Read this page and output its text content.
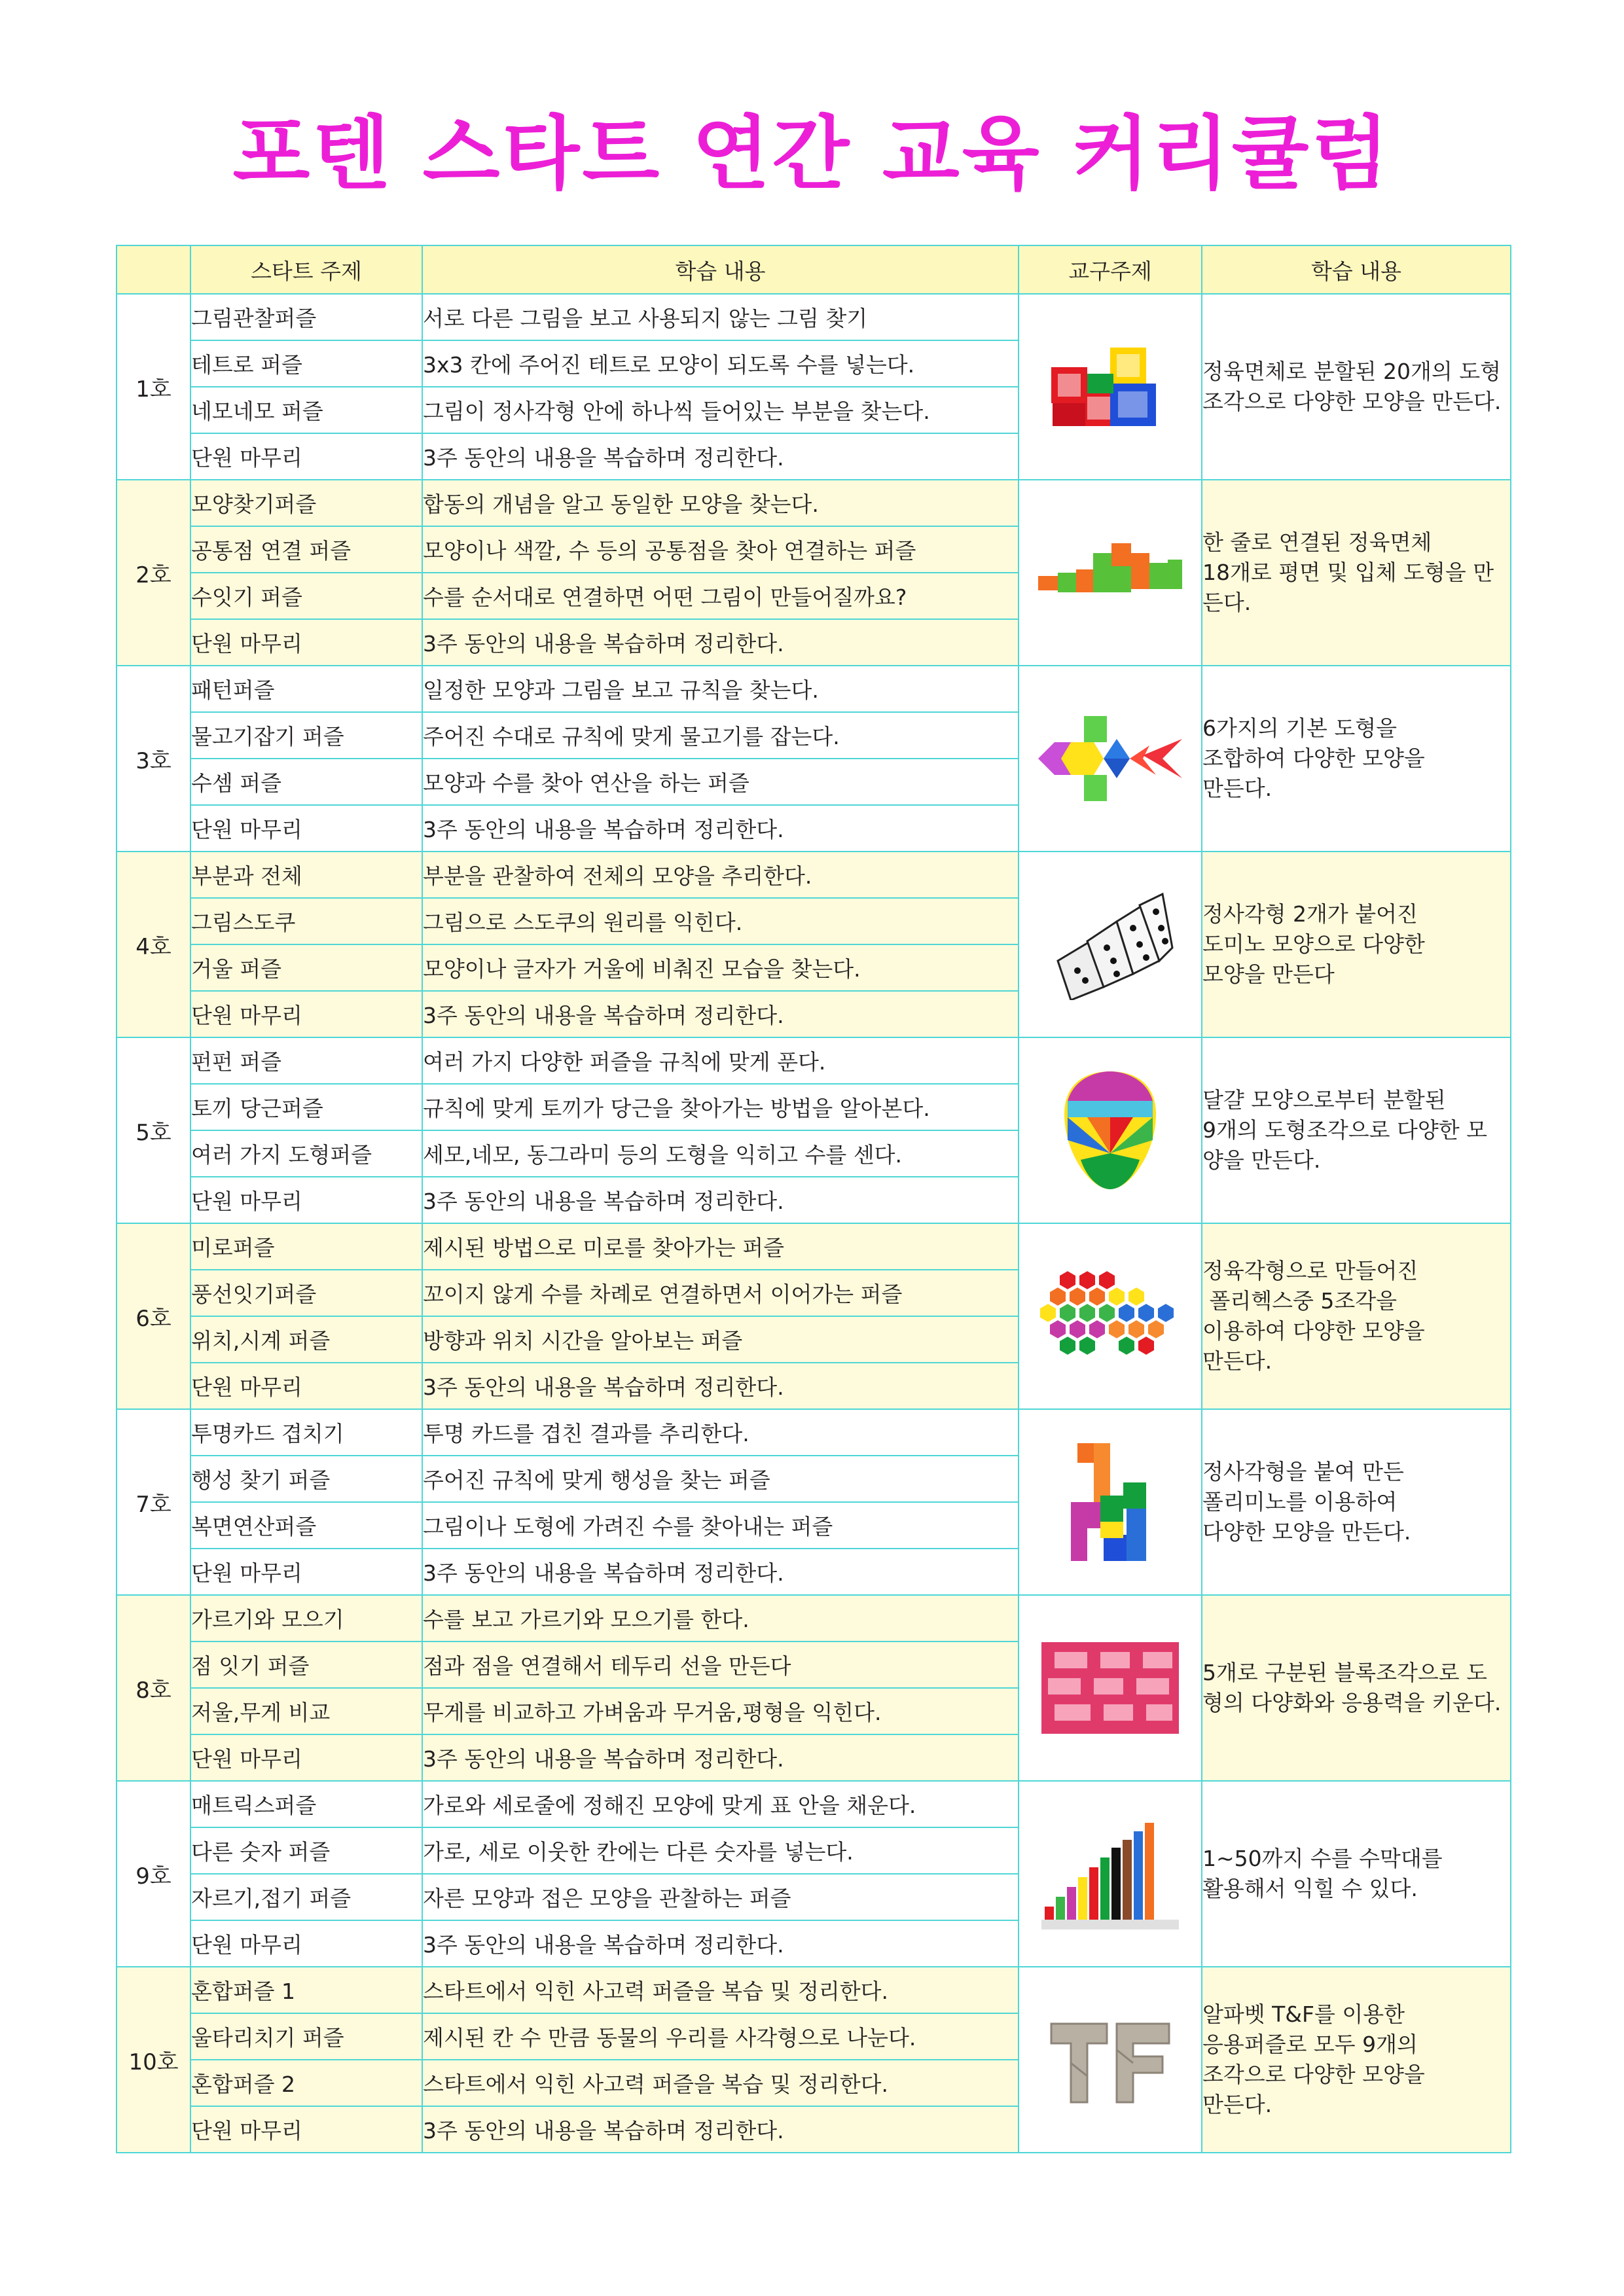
포텐 스타트 연간 교육 커리큘럼
	스타트 주제	학습 내용	교구주제	학습 내용
1호	그림관찰퍼즐	서로 다른 그림을 보고 사용되지 않는 그림 찾기		정육면체로 분할된 20개의 도형
조각으로 다양한 모양을 만든다.

	테트로 퍼즐	3x3 칸에 주어진 테트로 모양이 되도록 수를 넣는다.		
	네모네모 퍼즐	그림이 정사각형 안에 하나씩 들어있는 부분을 찾는다.		
	단원 마무리	3주 동안의 내용을 복습하며 정리한다.		
2호	모양찾기퍼즐	합동의 개념을 알고 동일한 모양을 찾는다.		한 줄로 연결된 정육면체
18개로 평면 및 입체 도형을 만
든다.

	공통점 연결 퍼즐	모양이나 색깔, 수 등의 공통점을 찾아 연결하는 퍼즐		
	수잇기 퍼즐	수를 순서대로 연결하면 어떤 그림이 만들어질까요?		
	단원 마무리	3주 동안의 내용을 복습하며 정리한다.		
3호	패턴퍼즐	일정한 모양과 그림을 보고 규칙을 찾는다.		6가지의 기본 도형을
조합하여 다양한 모양을
만든다.

	물고기잡기 퍼즐	주어진 수대로 규칙에 맞게 물고기를 잡는다.		
	수셈 퍼즐	모양과 수를 찾아 연산을 하는 퍼즐		
	단원 마무리	3주 동안의 내용을 복습하며 정리한다.		
4호	부분과 전체	부분을 관찰하여 전체의 모양을 추리한다.		정사각형 2개가 붙어진
도미노 모양으로 다양한
모양을 만든다

	그림스도쿠	그림으로 스도쿠의 원리를 익힌다.		
	거울 퍼즐	모양이나 글자가 거울에 비춰진 모습을 찾는다.		
	단원 마무리	3주 동안의 내용을 복습하며 정리한다.		
5호	펀펀 퍼즐	여러 가지 다양한 퍼즐을 규칙에 맞게 푼다.		달걀 모양으로부터 분할된
9개의 도형조각으로 다양한 모
양을 만든다.

	토끼 당근퍼즐	규칙에 맞게 토끼가 당근을 찾아가는 방법을 알아본다.		
	여러 가지 도형퍼즐	세모,네모, 동그라미 등의 도형을 익히고 수를 센다.		
	단원 마무리	3주 동안의 내용을 복습하며 정리한다.		
6호	미로퍼즐	제시된 방법으로 미로를 찾아가는 퍼즐		정육각형으로 만들어진
폴리헥스중 5조각을
이용하여 다양한 모양을
만든다.

	풍선잇기퍼즐	꼬이지 않게 수를 차례로 연결하면서 이어가는 퍼즐		
	위치,시계 퍼즐	방향과 위치 시간을 알아보는 퍼즐		
	단원 마무리	3주 동안의 내용을 복습하며 정리한다.		
7호	투명카드 겹치기	투명 카드를 겹친 결과를 추리한다.		정사각형을 붙여 만든
폴리미노를 이용하여
다양한 모양을 만든다.

	행성 찾기 퍼즐	주어진 규칙에 맞게 행성을 찾는 퍼즐		
	복면연산퍼즐	그림이나 도형에 가려진 수를 찾아내는 퍼즐		
	단원 마무리	3주 동안의 내용을 복습하며 정리한다.		
8호	가르기와 모으기	수를 보고 가르기와 모으기를 한다.		5개로 구분된 블록조각으로 도
형의 다양화와 응용력을 키운다.

	점 잇기 퍼즐	점과 점을 연결해서 테두리 선을 만든다		
	저울,무게 비교	무게를 비교하고 가벼움과 무거움,평형을 익힌다.		
	단원 마무리	3주 동안의 내용을 복습하며 정리한다.		
9호	매트릭스퍼즐	가로와 세로줄에 정해진 모양에 맞게 표 안을 채운다.		1~50까지 수를 수막대를
활용해서 익힐 수 있다.

	다른 숫자 퍼즐	가로, 세로 이웃한 칸에는 다른 숫자를 넣는다.		
	자르기,접기 퍼즐	자른 모양과 접은 모양을 관찰하는 퍼즐		
	단원 마무리	3주 동안의 내용을 복습하며 정리한다.		
10호	혼합퍼즐 1	스타트에서 익힌 사고력 퍼즐을 복습 및 정리한다.		알파벳 T&F를 이용한
응용퍼즐로 모두 9개의
조각으로 다양한 모양을
만든다.

	울타리치기 퍼즐	제시된 칸 수 만큼 동물의 우리를 사각형으로 나눈다.		
	혼합퍼즐 2	스타트에서 익힌 사고력 퍼즐을 복습 및 정리한다.		
	단원 마무리	3주 동안의 내용을 복습하며 정리한다.		
